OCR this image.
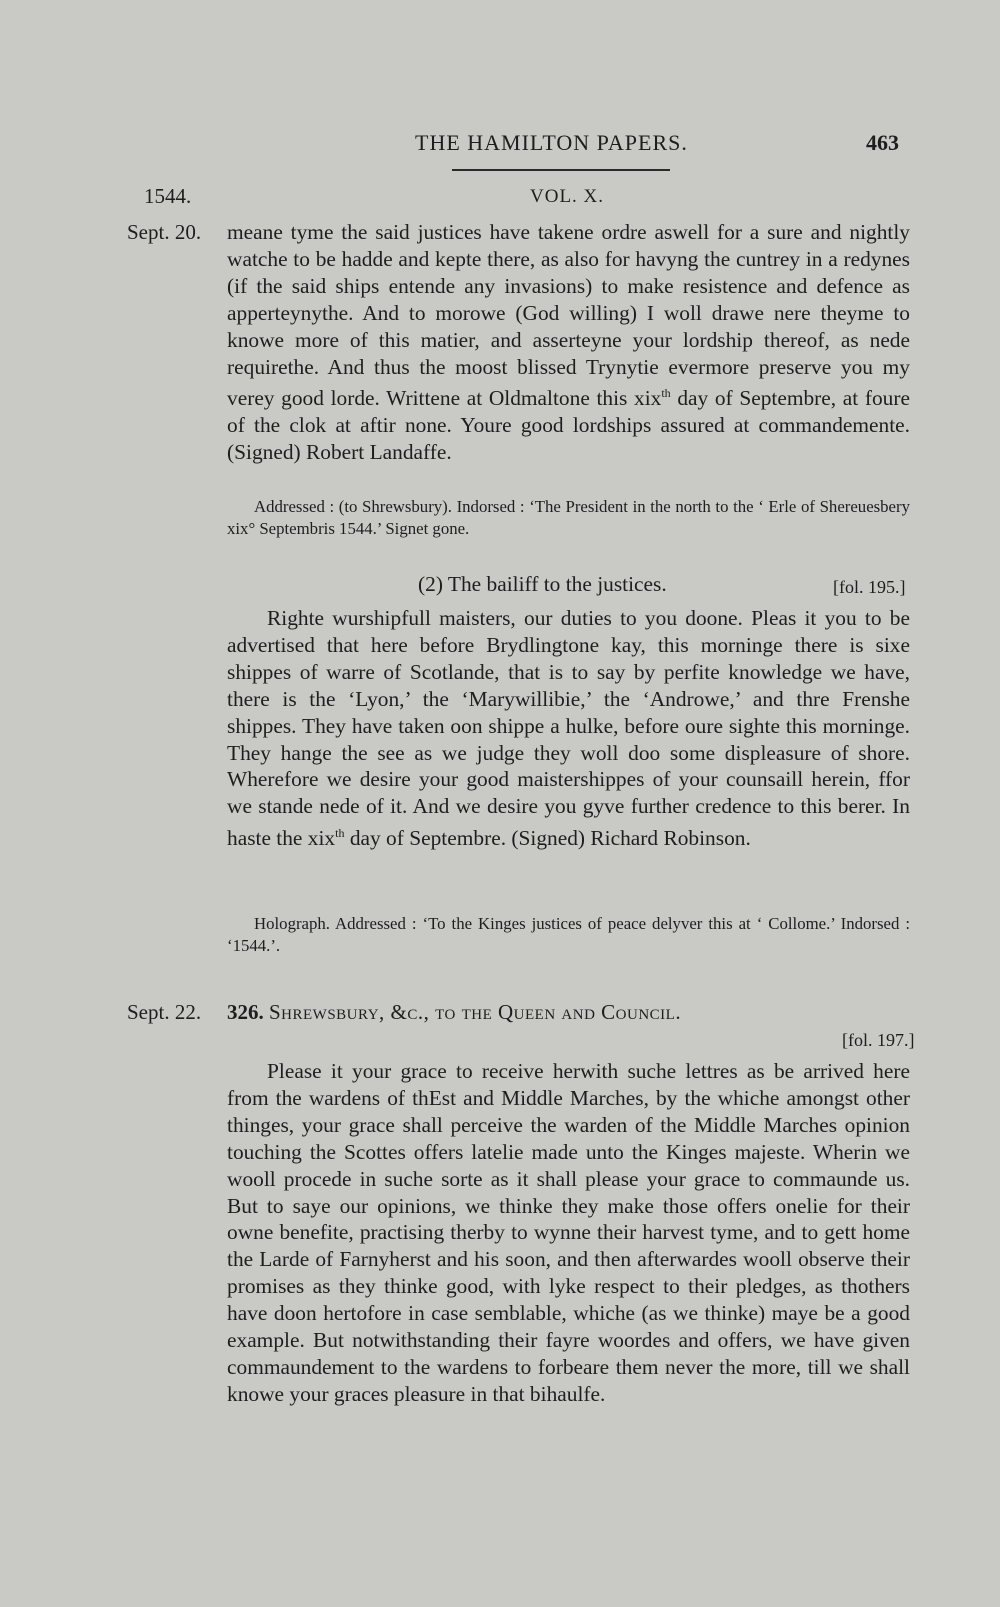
THE HAMILTON PAPERS.	463
1544.	VOL. X.
Sept. 20. meane tyme the said justices have takene ordre aswell for a sure and nightly watche to be hadde and kepte there, as also for havyng the cuntrey in a redynes (if the said ships entende any invasions) to make resistence and defence as apperteynythe. And to morowe (God willing) I woll drawe nere theyme to knowe more of this matier, and asserteyne your lordship thereof, as nede requirethe. And thus the moost blissed Trynytie evermore preserve you my verey good lorde. Writtene at Oldmaltone this xix$^{th}$ day of Septembre, at foure of the clok at aftir none. Youre good lordships assured at commandemente. (Signed) Robert Landaffe.

Addressed : (to Shrewsbury). Indorsed : ‘The President in the north to the ‘ Erle of Shereuesbery xix° Septembris 1544.’ Signet gone.

(2) The bailiff to the justices.	[fol. 195.]

Righte wurshipfull maisters, our duties to you doone. Pleas it you to be advertised that here before Brydlingtone kay, this morninge there is sixe shippes of warre of Scotlande, that is to say by perfite knowledge we have, there is the ‘Lyon,’ the ‘Marywillibie,’ the ‘Androwe,’ and thre Frenshe shippes. They have taken oon shippe a hulke, before oure sighte this morninge. They hange the see as we judge they woll doo some displeasure of shore. Wherefore we desire your good maistershippes of your counsaill herein, ffor we stande nede of it. And we desire you gyve further credence to this berer. In haste the xix$^{th}$ day of Septembre. (Signed) Richard Robinson.

Holograph. Addressed : ‘To the Kinges justices of peace delyver this at ‘ Collome.’ Indorsed : ‘1544.’.

Sept. 22. 326. Shrewsbury, &c., to the Queen and Council.
[fol. 197.]

Please it your grace to receive herwith suche lettres as be arrived here from the wardens of thEst and Middle Marches, by the whiche amongst other thinges, your grace shall perceive the warden of the Middle Marches opinion touching the Scottes offers latelie made unto the Kinges majeste. Wherin we wooll procede in suche sorte as it shall please your grace to commaunde us. But to saye our opinions, we thinke they make those offers onelie for their owne benefite, practising therby to wynne their harvest tyme, and to gett home the Larde of Farnyherst and his soon, and then afterwardes wooll observe their promises as they thinke good, with lyke respect to their pledges, as thothers have doon hertofore in case semblable, whiche (as we thinke) maye be a good example. But notwithstanding their fayre woordes and offers, we have given commaundement to the wardens to forbeare them never the more, till we shall knowe your graces pleasure in that bihaulfe.
